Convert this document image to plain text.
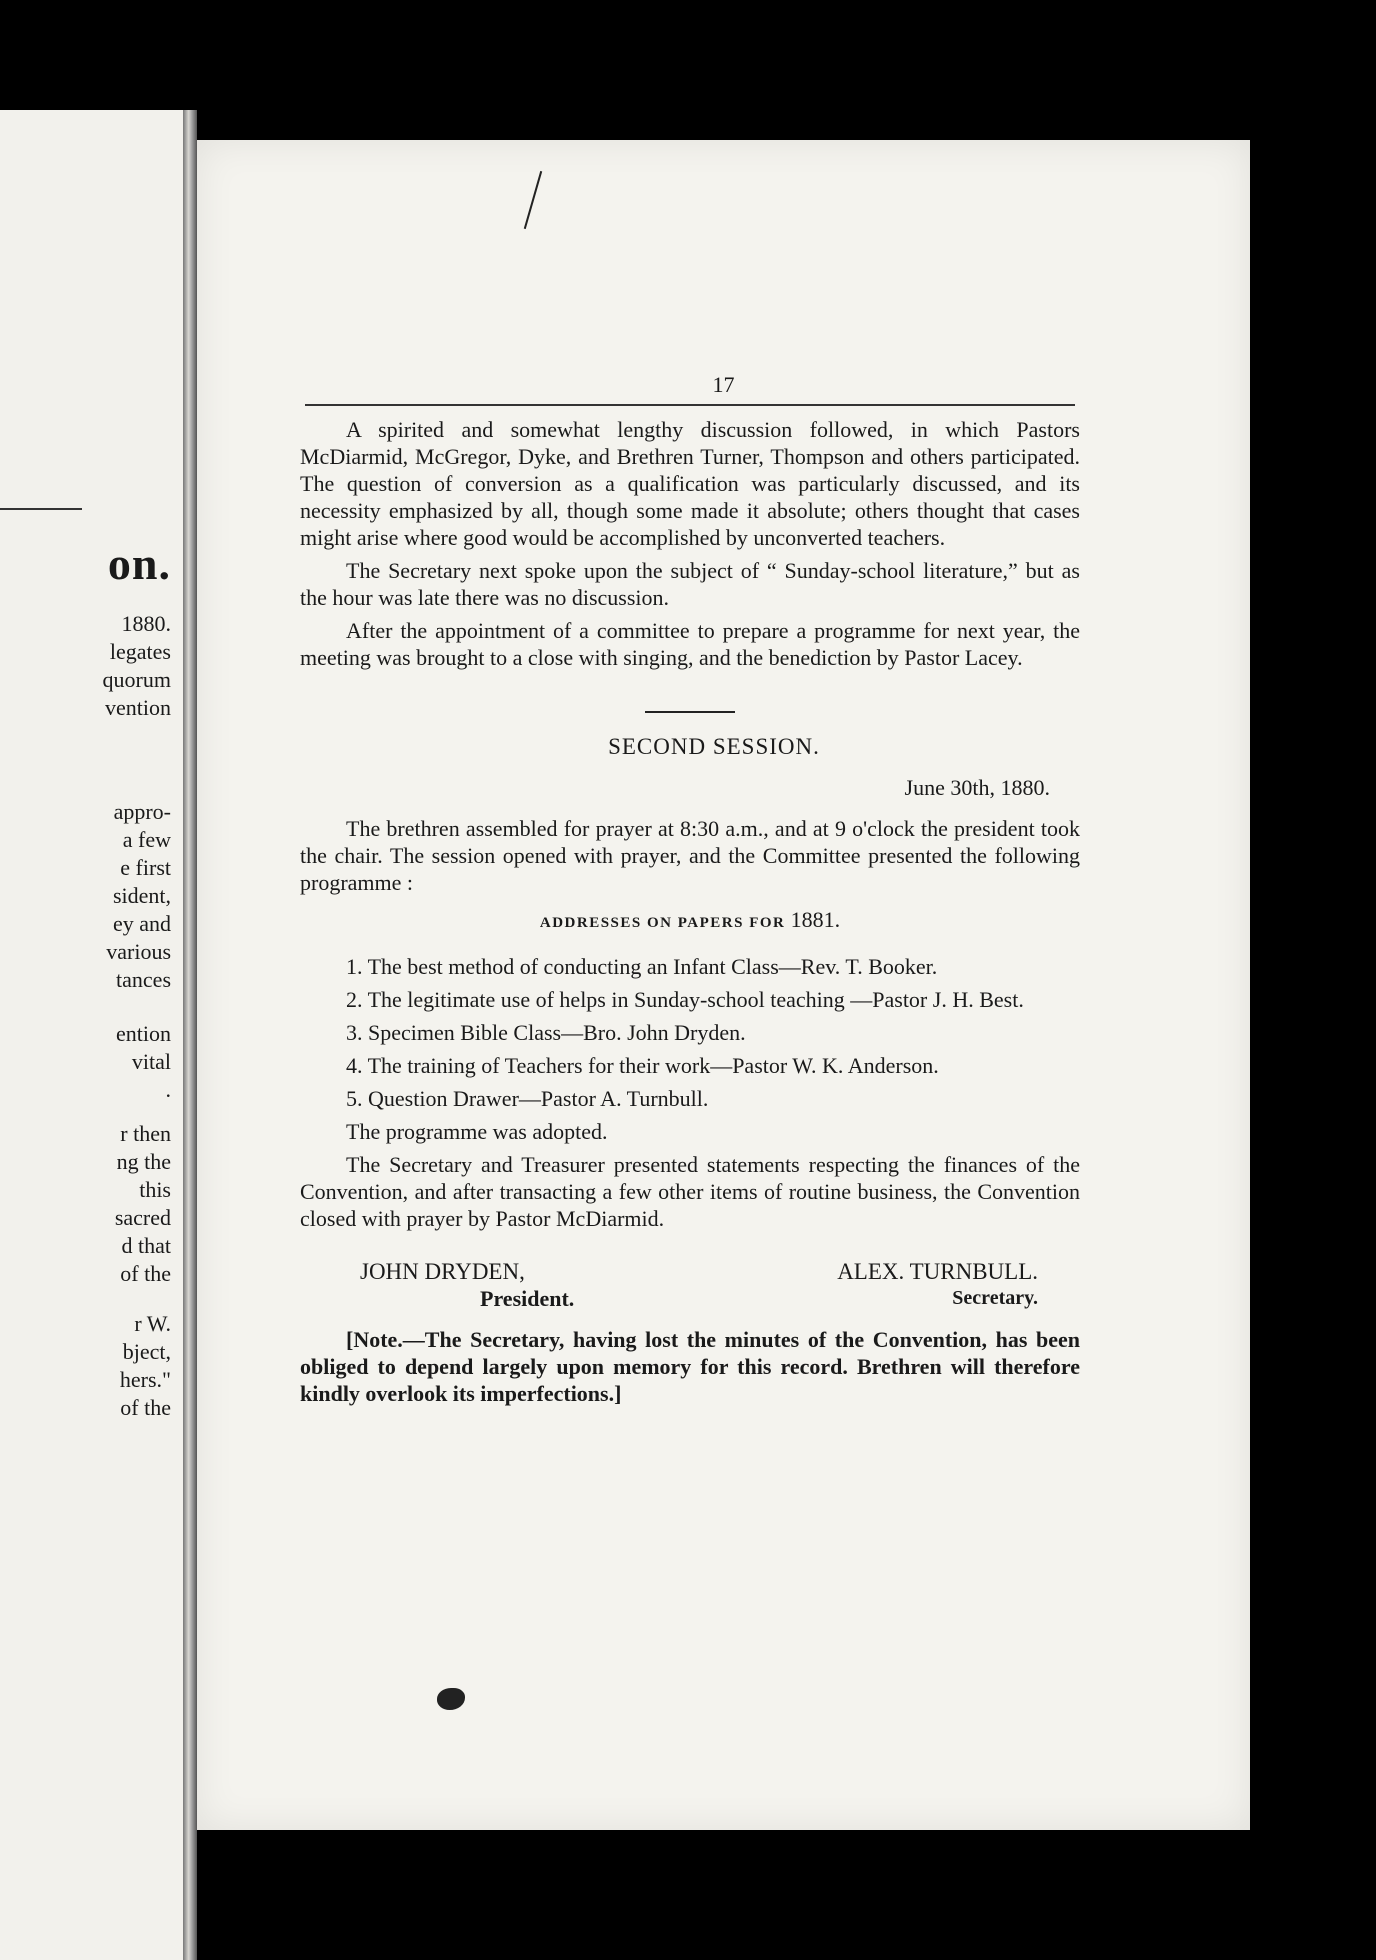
on.
1880.
legates
quorum
vention
appro-
a few
e first
sident,
ey and
various
tances
ention
vital
.
r then
ng the
this
sacred
d that
of the
r W.
bject,
hers."
of the
17

A spirited and somewhat lengthy discussion followed, in which Pastors McDiarmid, McGregor, Dyke, and Brethren Turner, Thompson and others participated. The question of conversion as a qualification was particularly discussed, and its necessity emphasized by all, though some made it absolute; others thought that cases might arise where good would be accomplished by unconverted teachers.

The Secretary next spoke upon the subject of “ Sunday-school literature,” but as the hour was late there was no discussion.

After the appointment of a committee to prepare a programme for next year, the meeting was brought to a close with singing, and the benediction by Pastor Lacey.

SECOND SESSION.
June 30th, 1880.

The brethren assembled for prayer at 8:30 a.m., and at 9 o'clock the president took the chair. The session opened with prayer, and the Committee presented the following programme :

ADDRESSES ON PAPERS FOR 1881.

1. The best method of conducting an Infant Class—Rev. T. Booker.

2. The legitimate use of helps in Sunday-school teaching —Pastor J. H. Best.

3. Specimen Bible Class—Bro. John Dryden.

4. The training of Teachers for their work—Pastor W. K. Anderson.

5. Question Drawer—Pastor A. Turnbull.

The programme was adopted.

The Secretary and Treasurer presented statements respecting the finances of the Convention, and after transacting a few other items of routine business, the Convention closed with prayer by Pastor McDiarmid.

JOHN DRYDEN,
President.
ALEX. TURNBULL.
Secretary.

[Note.—The Secretary, having lost the minutes of the Convention, has been obliged to depend largely upon memory for this record. Brethren will therefore kindly overlook its imperfections.]
